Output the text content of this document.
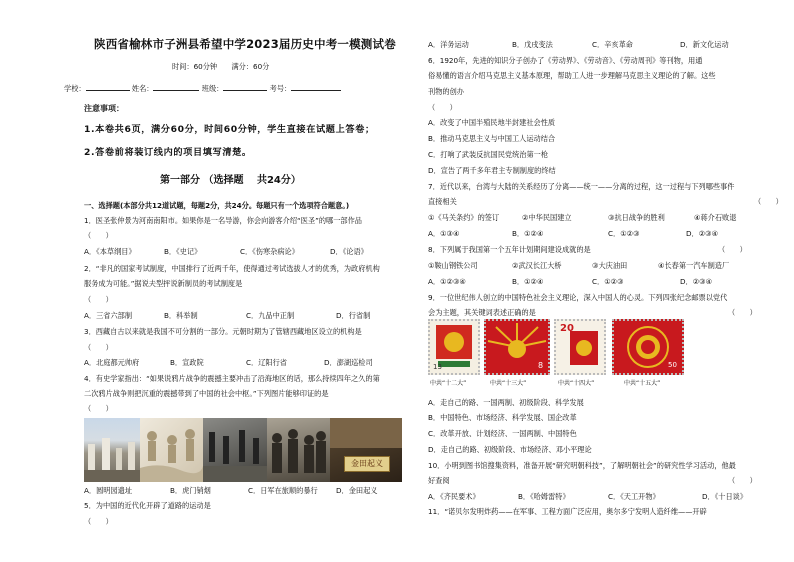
陕西省榆林市子洲县希望中学2023届历史中考一模测试卷
时间：60分钟　　满分：60分
学校：	姓名：	班级：	考号：
注意事项：
1.本卷共6页，满分60分，时间60分钟，学生直接在试题上答卷；
2.答卷前将装订线内的项目填写清楚。
第一部分 （选择题　 共24分）
一、选择题(本部分共12道试题，每题2分，共24分。每题只有一个选项符合题意。)
1．医圣张仲景为河南南阳市。如果你是一名导游，你会向游客介绍“医圣”的哪一部作品
（　　）
A．《本草纲目》	B．《史记》	C．《伤寒杂病论》	D．《论语》
2．“非凡的国家考试制度，中国排行了近两千年，使得通过考试选拔人才的优秀，为政府机构
服务成为可能。”据说夫型抨说新制员的考试制度是
（　　）
A．三省六部制	B．科举制	C．九品中正制	D．行省制
3．西藏自古以来就是我国不可分割的一部分。元朝时期为了管辖西藏地区设立的机构是
（　　）
A．北庭都元帅府	B．宣政院	C．辽阳行省	D．澎湖巡检司
4．有史学家指出：“如果说鸦片战争的震撼主要冲击了沿海地区的话，那么持续四年之久的第
二次鸦片战争则把沉重的震撼带到了中国的社会中枢。”下列图片能够印证的是
（　　）
金田起义
A．圆明园遗址	B．虎门销烟	C．日军在旅顺的暴行	D．金田起义
5．为中国的近代化开辟了道路的运动是
（　　）
A．洋务运动	B．戊戌变法	C．辛亥革命	D．新文化运动
6．1920年，先进的知识分子创办了《劳动界》、《劳动音》、《劳动周刊》等刊物，用通
俗易懂的语言介绍马克思主义基本原理，帮助工人进一步理解马克思主义理论的了解。这些
刊物的创办
（　　）
A．改变了中国半殖民地半封建社会性质
B．推动马克思主义与中国工人运动结合
C．打响了武装反抗国民党统治第一枪
D．宣告了两千多年君主专制制度的终结
7．近代以来，台湾与大陆的关系经历了分离——统一——分离的过程，这一过程与下列哪些事件
直接相关	（　　）
①《马关条约》的签订	②中华民国建立	③抗日战争的胜利	④蒋介石败退
A．①③④	B．①②④	C．①②③	D．②③④
8．下列属于我国第一个五年计划期间建设成就的是	（　　）
①鞍山钢铁公司	②武汉长江大桥	③大庆油田	④长春第一汽车制造厂
A．①②③④	B．①②④	C．①②③	D．②③④
9．一位世纪伟人创立的中国特色社会主义理论，深入中国人的心灵。下列四张纪念邮票以党代
会为主题，其关键词表述正确的是	（　　）
13	8
20
50
中共“十二大”	中共“十三大”	中共“十四大”	中共“十五大”
A．走自己的路、一国两制、初级阶段、科学发展
B．中国特色、市场经济、科学发展、国企改革
C．改革开放、计划经济、一国两制、中国特色
D．走自己的路、初级阶段、市场经济、邓小平理论
10．小明到图书馆搜集资料，准备开展“研究明朝科技”，了解明朝社会”的研究性学习活动，他最
好查阅	（　　）
A．《齐民要术》	B．《哈姆雷特》	C．《天工开物》	D．《十日谈》
11．“诺贝尔发明炸药——在军事、工程方面广泛应用，奥尔多宁发明人造纤维——开辟
